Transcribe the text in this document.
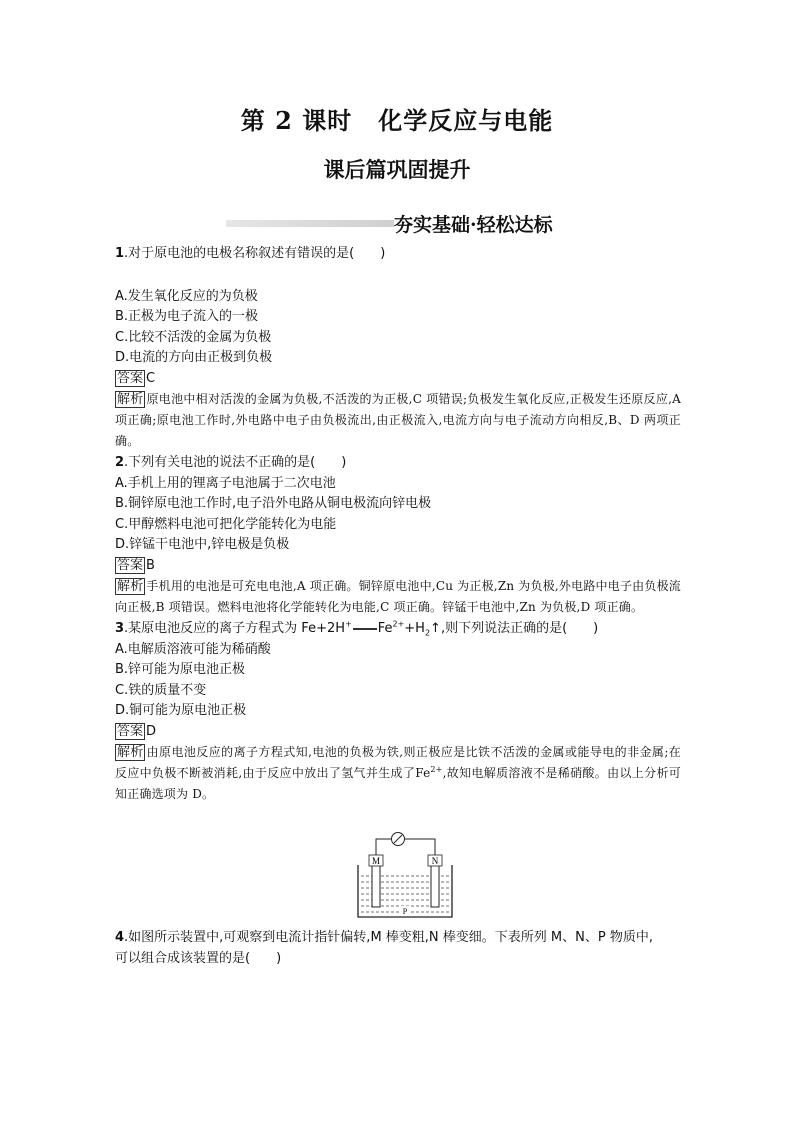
第 2 课时 化学反应与电能
课后篇巩固提升
夯实基础·轻松达标

1.对于原电池的电极名称叙述有错误的是(　　)

A.发生氧化反应的为负极

B.正极为电子流入的一极

C.比较不活泼的金属为负极

D.电流的方向由正极到负极

答案 C

解析 原电池中相对活泼的金属为负极,不活泼的为正极,C 项错误;负极发生氧化反应,正极发生还原反应,A 项正确;原电池工作时,外电路中电子由负极流出,由正极流入,电流方向与电子流动方向相反,B、D 两项正确。

2.下列有关电池的说法不正确的是(　　)

A.手机上用的锂离子电池属于二次电池

B.铜锌原电池工作时,电子沿外电路从铜电极流向锌电极

C.甲醇燃料电池可把化学能转化为电能

D.锌锰干电池中,锌电极是负极

答案 B

解析 手机用的电池是可充电电池,A 项正确。铜锌原电池中,Cu 为正极,Zn 为负极,外电路中电子由负极流向正极,B 项错误。燃料电池将化学能转化为电能,C 项正确。锌锰干电池中,Zn 为负极,D 项正确。

3.某原电池反应的离子方程式为 Fe+2H+ $Fe^{2+}+H_2↑$,则下列说法正确的是(　　)

A.电解质溶液可能为稀硝酸

B.锌可能为原电池正极

C.铁的质量不变

D.铜可能为原电池正极

答案 D

解析 由原电池反应的离子方程式知,电池的负极为铁,则正极应是比铁不活泼的金属或能导电的非金属;在反应中负极不断被消耗,由于反应中放出了氢气并生成了$Fe^{2+}$,故知电解质溶液不是稀硝酸。由以上分析可知正确选项为 D。

M	N
P

4.如图所示装置中,可观察到电流计指针偏转,M 棒变粗,N 棒变细。下表所列 M、N、P 物质中,

可以组合成该装置的是(　　)
